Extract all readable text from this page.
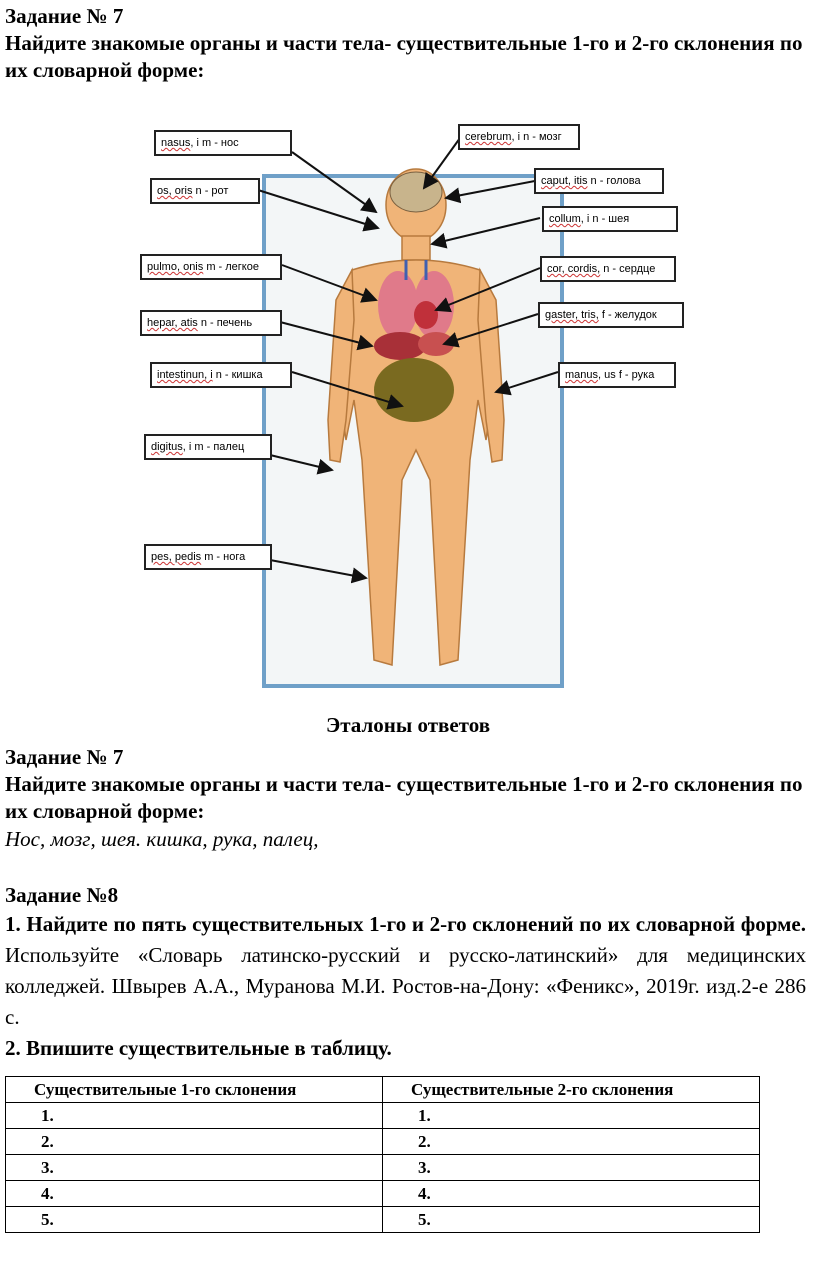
Задание № 7

Найдите знакомые органы и части тела- существительные 1-го и 2-го склонения по их словарной форме:

nasus, i m - нос
os, oris n - рот
pulmo, onis m - легкое
hepar, atis n - печень
intestinun, i n - кишка
digitus, i m - палец
pes, pedis m - нога
cerebrum, i n - мозг
caput, itis n - голова
collum, i n - шея
cor, cordis, n - сердце
gaster, tris, f - желудок
manus, us f - рука

Эталоны ответов

Задание № 7

Найдите знакомые органы и части тела- существительные 1-го и 2-го склонения по их словарной форме:

Нос, мозг, шея. кишка, рука, палец,

Задание №8

1. Найдите по пять существительных 1-го и 2-го склонений по их словарной форме. Используйте «Словарь латинско-русский и русско-латинский» для медицинских колледжей. Швырев А.А., Муранова М.И. Ростов-на-Дону: «Феникс», 2019г. изд.2-е 286 с.

2. Впишите существительные в таблицу.

Существительные 1-го склонения	Существительные 2-го склонения
1.	1.
2.	2.
3.	3.
4.	4.
5.	5.
